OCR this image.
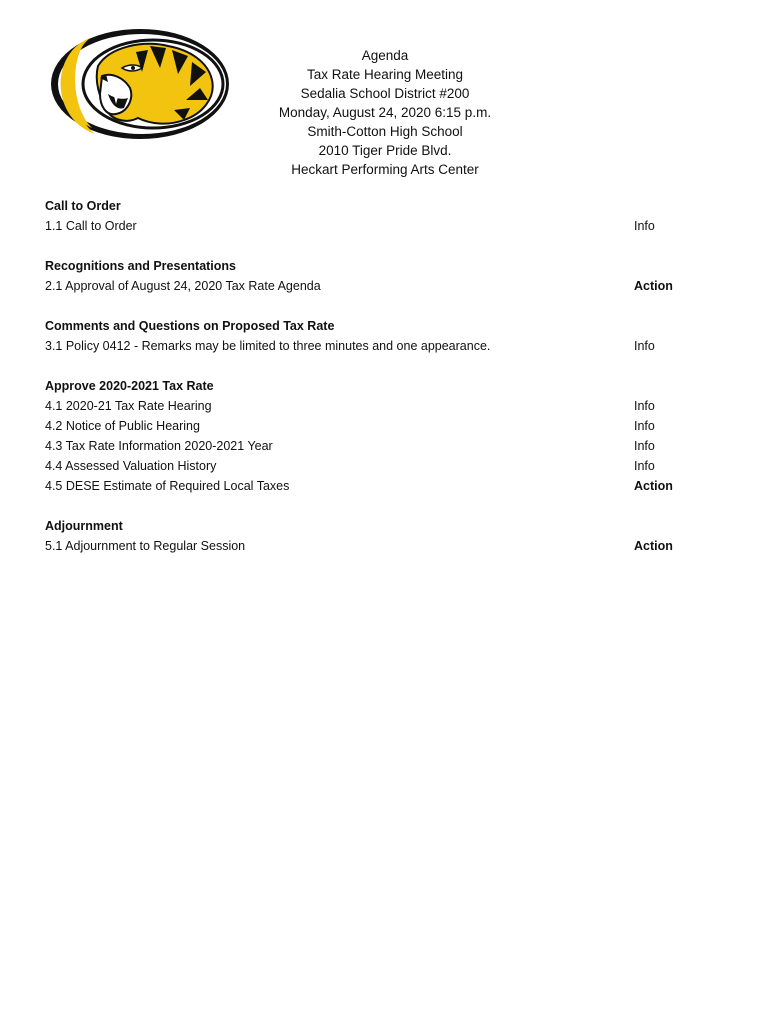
Agenda
Tax Rate Hearing Meeting
Sedalia School District #200
Monday, August 24, 2020 6:15 p.m.
Smith-Cotton High School
2010 Tiger Pride Blvd.
Heckart Performing Arts Center
Call to Order
1.1 Call to Order	Info
Recognitions and Presentations
2.1 Approval of August 24, 2020 Tax Rate Agenda	Action
Comments and Questions on Proposed Tax Rate
3.1 Policy 0412 - Remarks may be limited to three minutes and one appearance.	Info
Approve 2020-2021 Tax Rate
4.1 2020-21 Tax Rate Hearing	Info
4.2 Notice of Public Hearing	Info
4.3 Tax Rate Information 2020-2021 Year	Info
4.4 Assessed Valuation History	Info
4.5 DESE Estimate of Required Local Taxes	Action
Adjournment
5.1 Adjournment to Regular Session	Action
